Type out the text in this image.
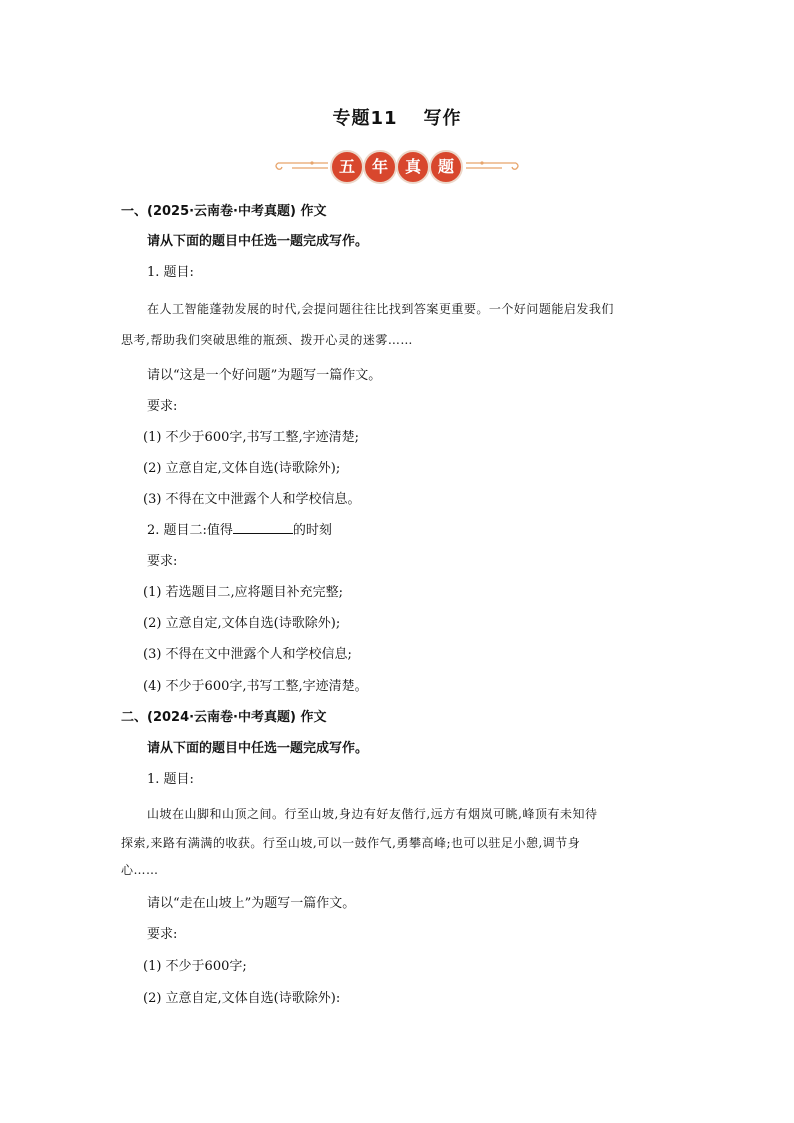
专题11 写作
五	年	真	题
一、(2025·云南卷·中考真题) 作文
请从下面的题目中任选一题完成写作。
1. 题目:
在人工智能蓬勃发展的时代,会提问题往往比找到答案更重要。一个好问题能启发我们
思考,帮助我们突破思维的瓶颈、拨开心灵的迷雾……
请以“这是一个好问题”为题写一篇作文。
要求:
(1) 不少于600字,书写工整,字迹清楚;
(2) 立意自定,文体自选(诗歌除外);
(3) 不得在文中泄露个人和学校信息。
2. 题目二:值得	的时刻
要求:
(1) 若选题目二,应将题目补充完整;
(2) 立意自定,文体自选(诗歌除外);
(3) 不得在文中泄露个人和学校信息;
(4) 不少于600字,书写工整,字迹清楚。
二、(2024·云南卷·中考真题) 作文
请从下面的题目中任选一题完成写作。
1. 题目:
山坡在山脚和山顶之间。行至山坡,身边有好友偕行,远方有烟岚可眺,峰顶有未知待
探索,来路有满满的收获。行至山坡,可以一鼓作气,勇攀高峰;也可以驻足小憩,调节身
心……
请以“走在山坡上”为题写一篇作文。
要求:
(1) 不少于600字;
(2) 立意自定,文体自选(诗歌除外):
